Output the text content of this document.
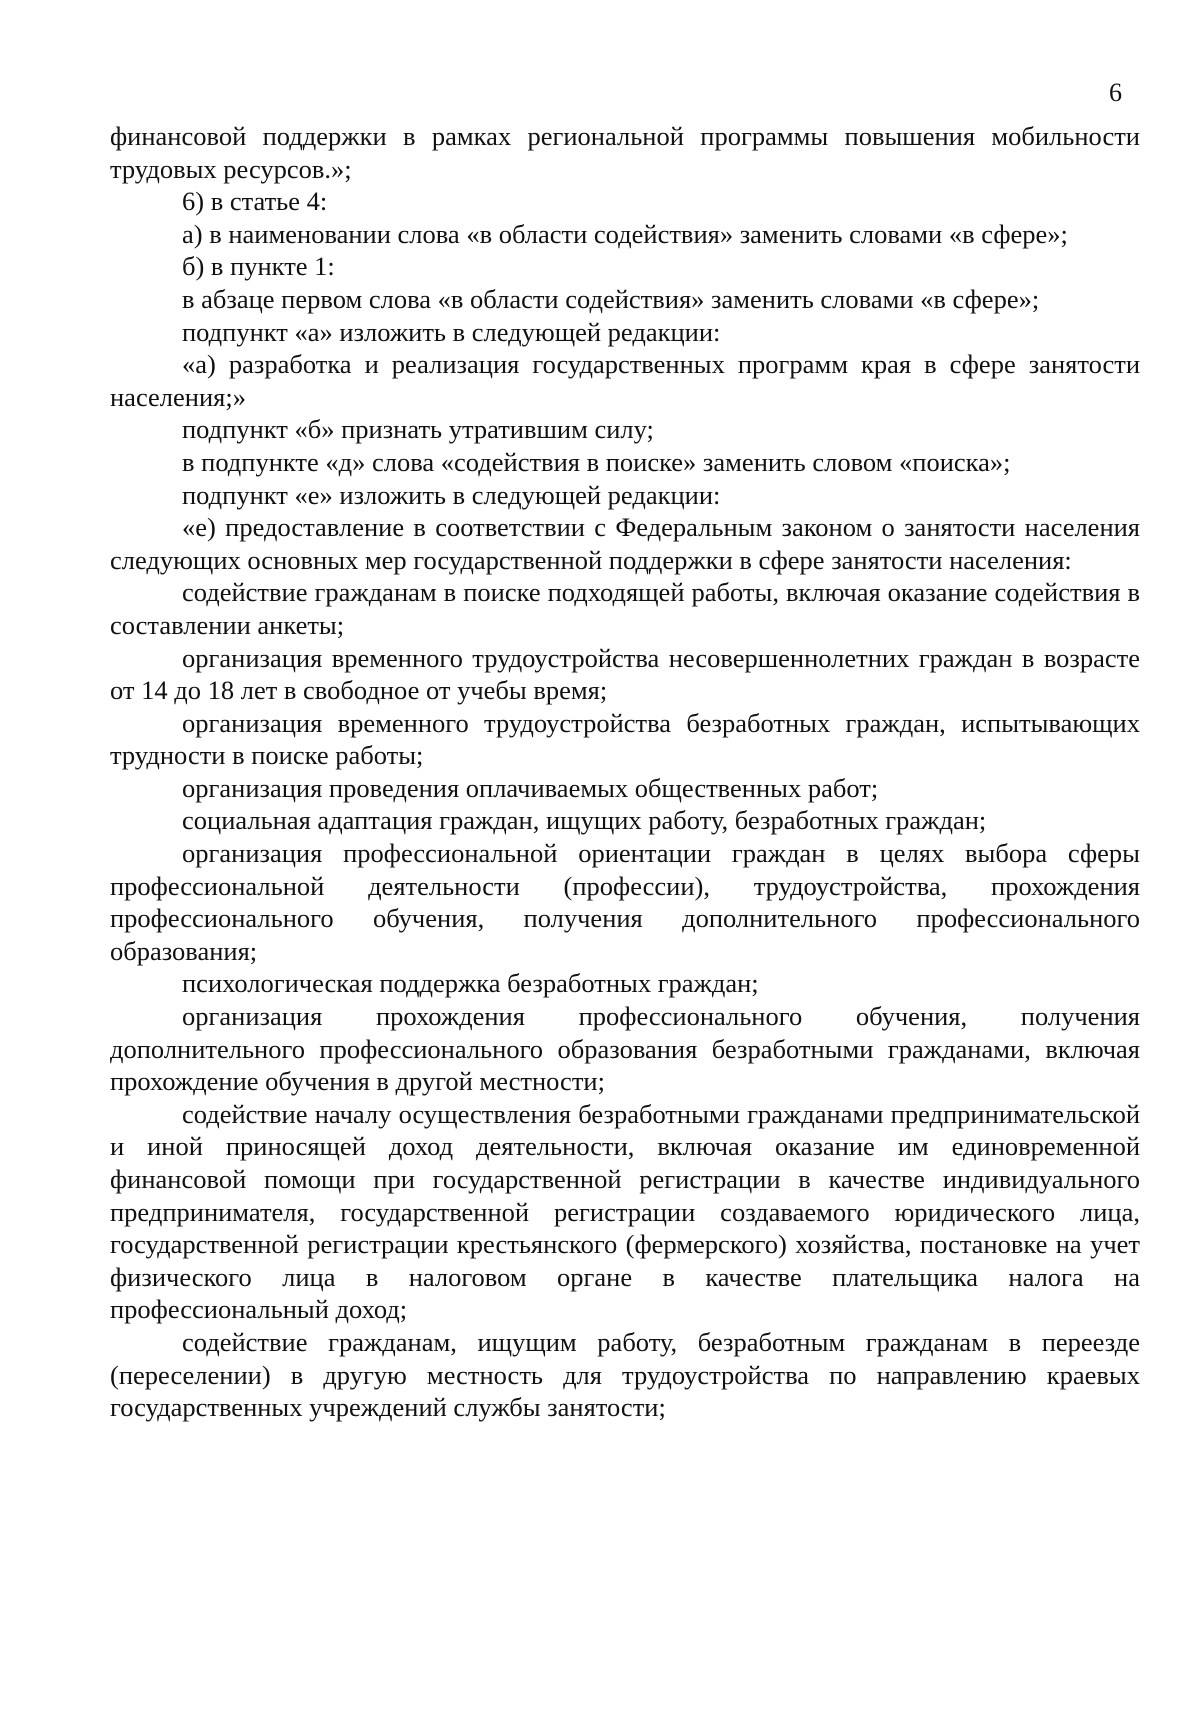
6

финансовой поддержки в рамках региональной программы повышения мобильности трудовых ресурсов.»;

6) в статье 4:

а) в наименовании слова «в области содействия» заменить словами «в сфере»;

б) в пункте 1:

в абзаце первом слова «в области содействия» заменить словами «в сфере»;

подпункт «а» изложить в следующей редакции:

«а) разработка и реализация государственных программ края в сфере занятости населения;»

подпункт «б» признать утратившим силу;

в подпункте «д» слова «содействия в поиске» заменить словом «поиска»;

подпункт «е» изложить в следующей редакции:

«е) предоставление в соответствии с Федеральным законом о занятости населения следующих основных мер государственной поддержки в сфере занятости населения:

содействие гражданам в поиске подходящей работы, включая оказание содействия в составлении анкеты;

организация временного трудоустройства несовершеннолетних граждан в возрасте от 14 до 18 лет в свободное от учебы время;

организация временного трудоустройства безработных граждан, испытывающих трудности в поиске работы;

организация проведения оплачиваемых общественных работ;

социальная адаптация граждан, ищущих работу, безработных граждан;

организация профессиональной ориентации граждан в целях выбора сферы профессиональной деятельности (профессии), трудоустройства, прохождения профессионального обучения, получения дополнительного профессионального образования;

психологическая поддержка безработных граждан;

организация прохождения профессионального обучения, получения дополнительного профессионального образования безработными гражданами, включая прохождение обучения в другой местности;

содействие началу осуществления безработными гражданами предпринимательской и иной приносящей доход деятельности, включая оказание им единовременной финансовой помощи при государственной регистрации в качестве индивидуального предпринимателя, государственной регистрации создаваемого юридического лица, государственной регистрации крестьянского (фермерского) хозяйства, постановке на учет физического лица в налоговом органе в качестве плательщика налога на профессиональный доход;

содействие гражданам, ищущим работу, безработным гражданам в переезде (переселении) в другую местность для трудоустройства по направлению краевых государственных учреждений службы занятости;
